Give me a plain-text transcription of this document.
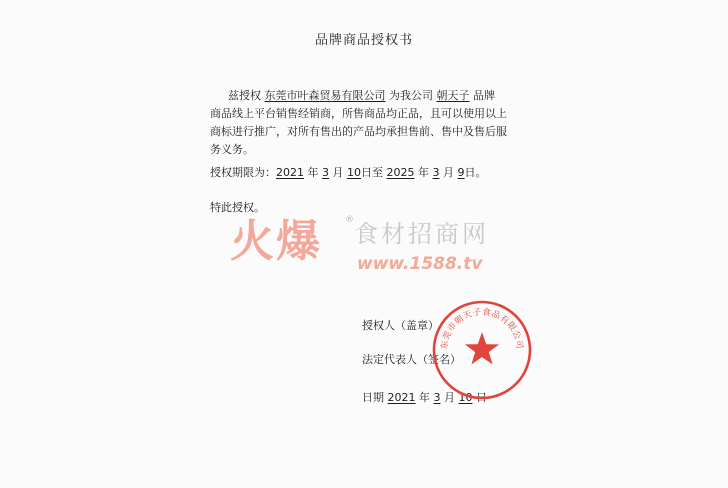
品牌商品授权书
兹授权 东莞市叶森贸易有限公司 为我公司 朝天子 品牌
商品线上平台销售经销商，所售商品均正品，且可以使用以上
商标进行推广，对所有售出的产品均承担售前、售中及售后服
务义务。
授权期限为：2021 年 3 月 10日至 2025 年 3 月 9日。
特此授权。
火爆	® 食材招商网
www.1588.tv
授权人（盖章）
法定代表人（签名）
日期 2021 年 3 月 10 日
东莞市朝天子食品有限公司
